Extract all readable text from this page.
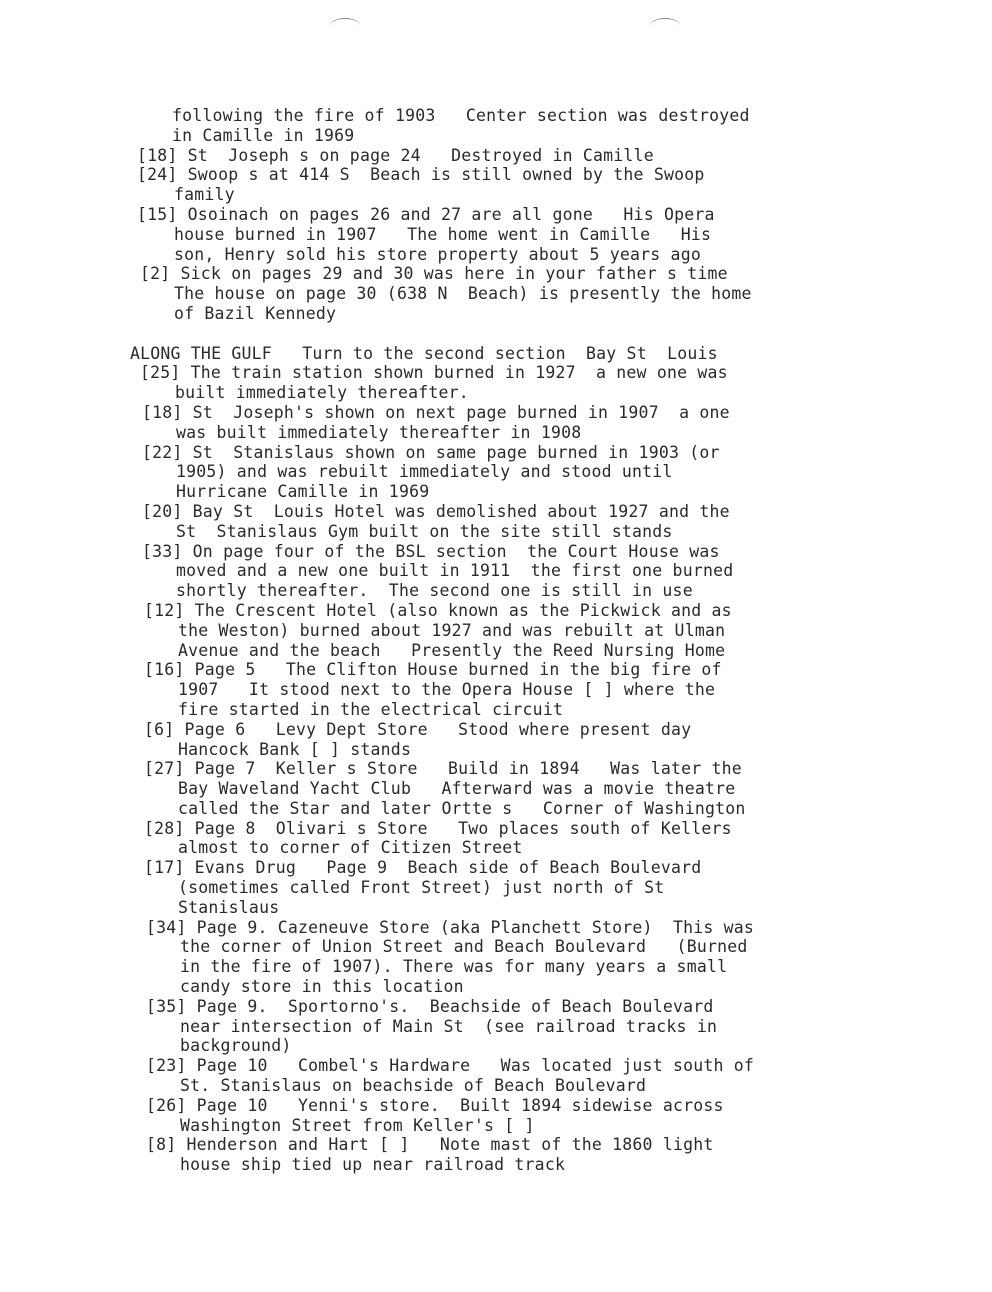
following the fire of 1903   Center section was destroyed
in Camille in 1969
[18] St  Joseph s on page 24   Destroyed in Camille
[24] Swoop s at 414 S  Beach is still owned by the Swoop
family
[15] Osoinach on pages 26 and 27 are all gone   His Opera
house burned in 1907   The home went in Camille   His
son, Henry sold his store property about 5 years ago
[2] Sick on pages 29 and 30 was here in your father s time
The house on page 30 (638 N  Beach) is presently the home
of Bazil Kennedy
ALONG THE GULF   Turn to the second section  Bay St  Louis
[25] The train station shown burned in 1927  a new one was
built immediately thereafter.
[18] St  Joseph's shown on next page burned in 1907  a one
was built immediately thereafter in 1908
[22] St  Stanislaus shown on same page burned in 1903 (or
1905) and was rebuilt immediately and stood until
Hurricane Camille in 1969
[20] Bay St  Louis Hotel was demolished about 1927 and the
St  Stanislaus Gym built on the site still stands
[33] On page four of the BSL section  the Court House was
moved and a new one built in 1911  the first one burned
shortly thereafter.  The second one is still in use
[12] The Crescent Hotel (also known as the Pickwick and as
the Weston) burned about 1927 and was rebuilt at Ulman
Avenue and the beach   Presently the Reed Nursing Home
[16] Page 5   The Clifton House burned in the big fire of
1907   It stood next to the Opera House [ ] where the
fire started in the electrical circuit
[6] Page 6   Levy Dept Store   Stood where present day
Hancock Bank [ ] stands
[27] Page 7  Keller s Store   Build in 1894   Was later the
Bay Waveland Yacht Club   Afterward was a movie theatre
called the Star and later Ortte s   Corner of Washington
[28] Page 8  Olivari s Store   Two places south of Kellers
almost to corner of Citizen Street
[17] Evans Drug   Page 9  Beach side of Beach Boulevard
(sometimes called Front Street) just north of St
Stanislaus
[34] Page 9. Cazeneuve Store (aka Planchett Store)  This was
the corner of Union Street and Beach Boulevard   (Burned
in the fire of 1907). There was for many years a small
candy store in this location
[35] Page 9.  Sportorno's.  Beachside of Beach Boulevard
near intersection of Main St  (see railroad tracks in
background)
[23] Page 10   Combel's Hardware   Was located just south of
St. Stanislaus on beachside of Beach Boulevard
[26] Page 10   Yenni's store.  Built 1894 sidewise across
Washington Street from Keller's [ ]
[8] Henderson and Hart [ ]   Note mast of the 1860 light
house ship tied up near railroad track
